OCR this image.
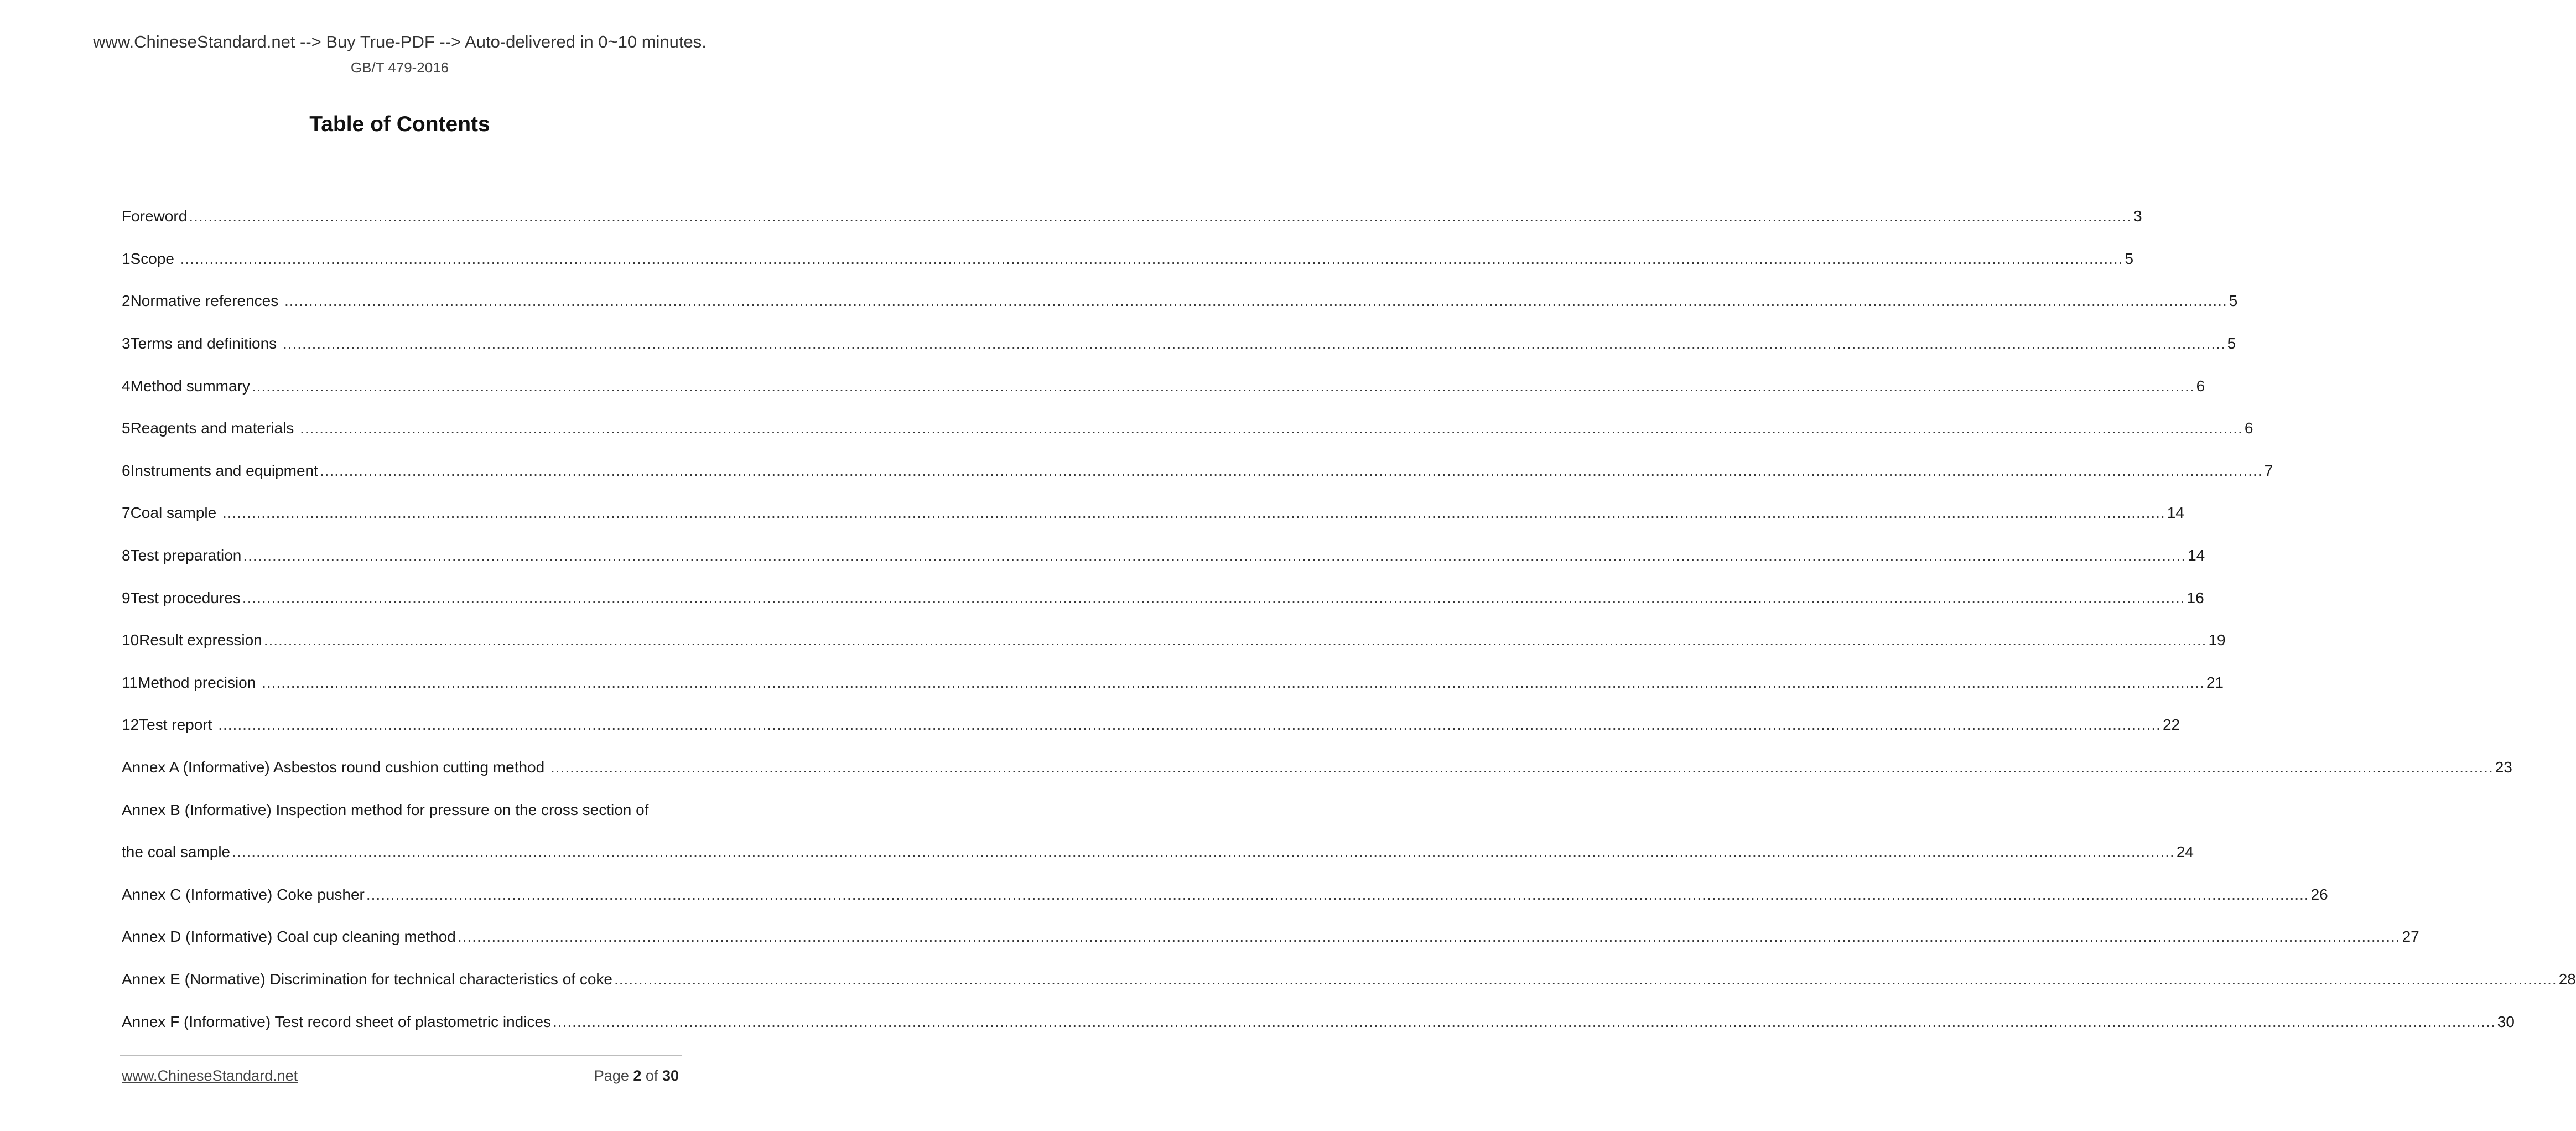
www.ChineseStandard.net --> Buy True-PDF --> Auto-delivered in 0~10 minutes.
GB/T 479-2016
Table of Contents
Foreword ................................................................................................................................................................................................................................................................................................................................................................................................................ 3
1 Scope ................................................................................................................................................................................................................................................................................................................................................................................................................ 5
2 Normative references ................................................................................................................................................................................................................................................................................................................................................................................................................ 5
3 Terms and definitions ................................................................................................................................................................................................................................................................................................................................................................................................................ 5
4 Method summary ................................................................................................................................................................................................................................................................................................................................................................................................................ 6
5 Reagents and materials ................................................................................................................................................................................................................................................................................................................................................................................................................ 6
6 Instruments and equipment ................................................................................................................................................................................................................................................................................................................................................................................................................ 7
7 Coal sample ................................................................................................................................................................................................................................................................................................................................................................................................................ 14
8 Test preparation ................................................................................................................................................................................................................................................................................................................................................................................................................ 14
9 Test procedures ................................................................................................................................................................................................................................................................................................................................................................................................................ 16
10 Result expression ................................................................................................................................................................................................................................................................................................................................................................................................................ 19
11 Method precision ................................................................................................................................................................................................................................................................................................................................................................................................................ 21
12 Test report ................................................................................................................................................................................................................................................................................................................................................................................................................ 22
Annex A (Informative) Asbestos round cushion cutting method ................................................................................................................................................................................................................................................................................................................................................................................................................ 23
Annex B (Informative) Inspection method for pressure on the cross section of
the coal sample ................................................................................................................................................................................................................................................................................................................................................................................................................ 24
Annex C (Informative) Coke pusher ................................................................................................................................................................................................................................................................................................................................................................................................................ 26
Annex D (Informative) Coal cup cleaning method ................................................................................................................................................................................................................................................................................................................................................................................................................ 27
Annex E (Normative) Discrimination for technical characteristics of coke ................................................................................................................................................................................................................................................................................................................................................................................................................ 28
Annex F (Informative) Test record sheet of plastometric indices ................................................................................................................................................................................................................................................................................................................................................................................................................ 30
www.ChineseStandard.net	Page 2 of 30
